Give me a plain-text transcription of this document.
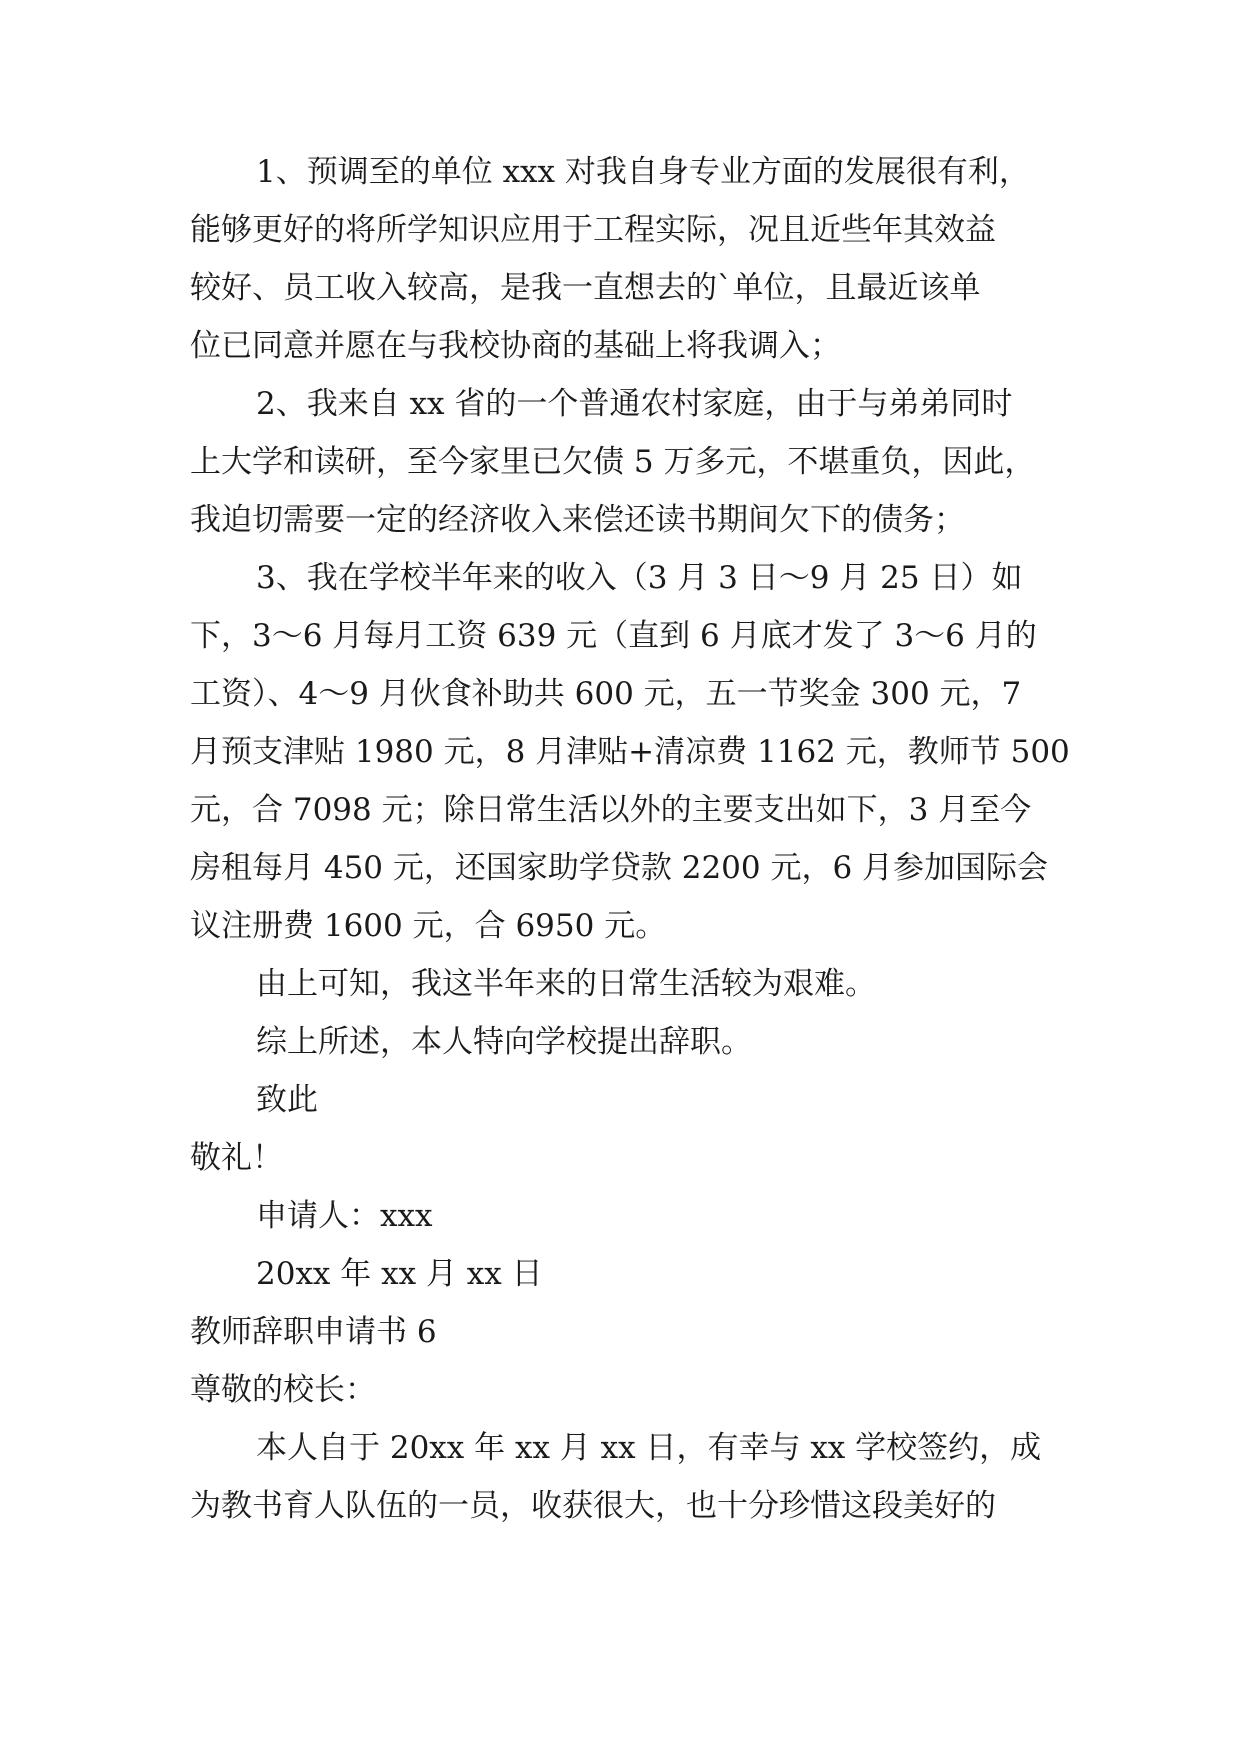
1、预调至的单位 xxx 对我自身专业方面的发展很有利，
能够更好的将所学知识应用于工程实际，况且近些年其效益
较好、员工收入较高，是我一直想去的`单位，且最近该单
位已同意并愿在与我校协商的基础上将我调入；
2、我来自 xx 省的一个普通农村家庭，由于与弟弟同时
上大学和读研，至今家里已欠债 5 万多元，不堪重负，因此，
我迫切需要一定的经济收入来偿还读书期间欠下的债务；
3、我在学校半年来的收入（3 月 3 日～9 月 25 日）如
下，3～6 月每月工资 639 元（直到 6 月底才发了 3～6 月的
工资）、4～9 月伙食补助共 600 元，五一节奖金 300 元，7
月预支津贴 1980 元，8 月津贴+清凉费 1162 元，教师节 500
元，合 7098 元；除日常生活以外的主要支出如下，3 月至今
房租每月 450 元，还国家助学贷款 2200 元，6 月参加国际会
议注册费 1600 元，合 6950 元。
由上可知，我这半年来的日常生活较为艰难。
综上所述，本人特向学校提出辞职。
致此
敬礼！
申请人：xxx
20xx 年 xx 月 xx 日
教师辞职申请书 6
尊敬的校长：
本人自于 20xx 年 xx 月 xx 日，有幸与 xx 学校签约，成
为教书育人队伍的一员，收获很大，也十分珍惜这段美好的
